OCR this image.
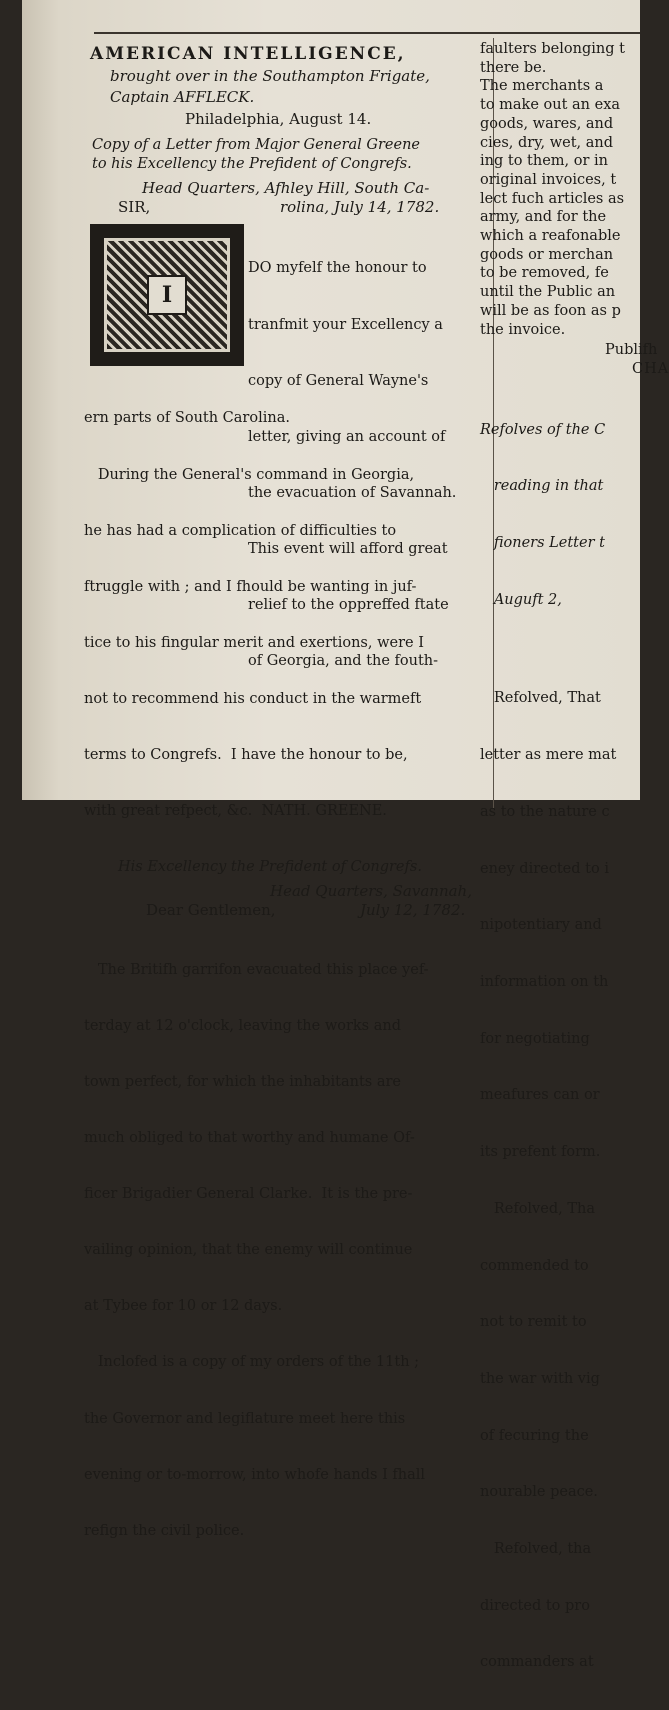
AMERICAN INTELLIGENCE,
brought over in the Southampton Frigate,
Captain AFFLECK.
Philadelphia, August 14.
Copy of a Letter from Major General Greene
to his Excellency the Prefident of Congrefs.
Head Quarters, Afhley Hill, South Ca-
SIR,	rolina, July 14, 1782.
I

DO myfelf the honour to

tranfmit your Excellency a

copy of General Wayne's

letter, giving an account of

the evacuation of Savannah.

This event will afford great

relief to the oppreffed ftate

of Georgia, and the fouth-

ern parts of South Carolina.

During the General's command in Georgia,

he has had a complication of difficulties to

ftruggle with ; and I fhould be wanting in juf-

tice to his fingular merit and exertions, were I

not to recommend his conduct in the warmeft

terms to Congrefs.  I have the honour to be,

with great refpect, &c.  NATH. GREENE.

His Excellency the Prefident of Congrefs.
Head Quarters, Savannah,
Dear Gentlemen,	July 12, 1782.

The Britifh garrifon evacuated this place yef-

terday at 12 o'clock, leaving the works and

town perfect, for which the inhabitants are

much obliged to that worthy and humane Of-

ficer Brigadier General Clarke.  It is the pre-

vailing opinion, that the enemy will continue

at Tybee for 10 or 12 days.

Inclofed is a copy of my orders of the 11th ;

the Governor and legiflature meet here this

evening or to-morrow, into whofe hands I fhall

refign the civil police.

faulters belonging t
there be.
The merchants a
to make out an exa
goods, wares, and
cies, dry, wet, and
ing to them, or in
original invoices, t
lect fuch articles as
army, and for the
which a reafonable
goods or merchan
to be removed, fe
until the Public an
will be as foon as p
the invoice.
Publifh
CHA

Refolves of the C

reading in that

fioners Letter t

Auguft 2,

Refolved, That

letter as mere mat

as to the nature c

eney directed to i

nipotentiary and

information on th

for negotiating

meafures can or

its prefent form.

Refolved, Tha

commended to

not to remit to

the war with vig

of fecuring the

nourable peace.

Refolved, tha

directed to pro

commanders at
